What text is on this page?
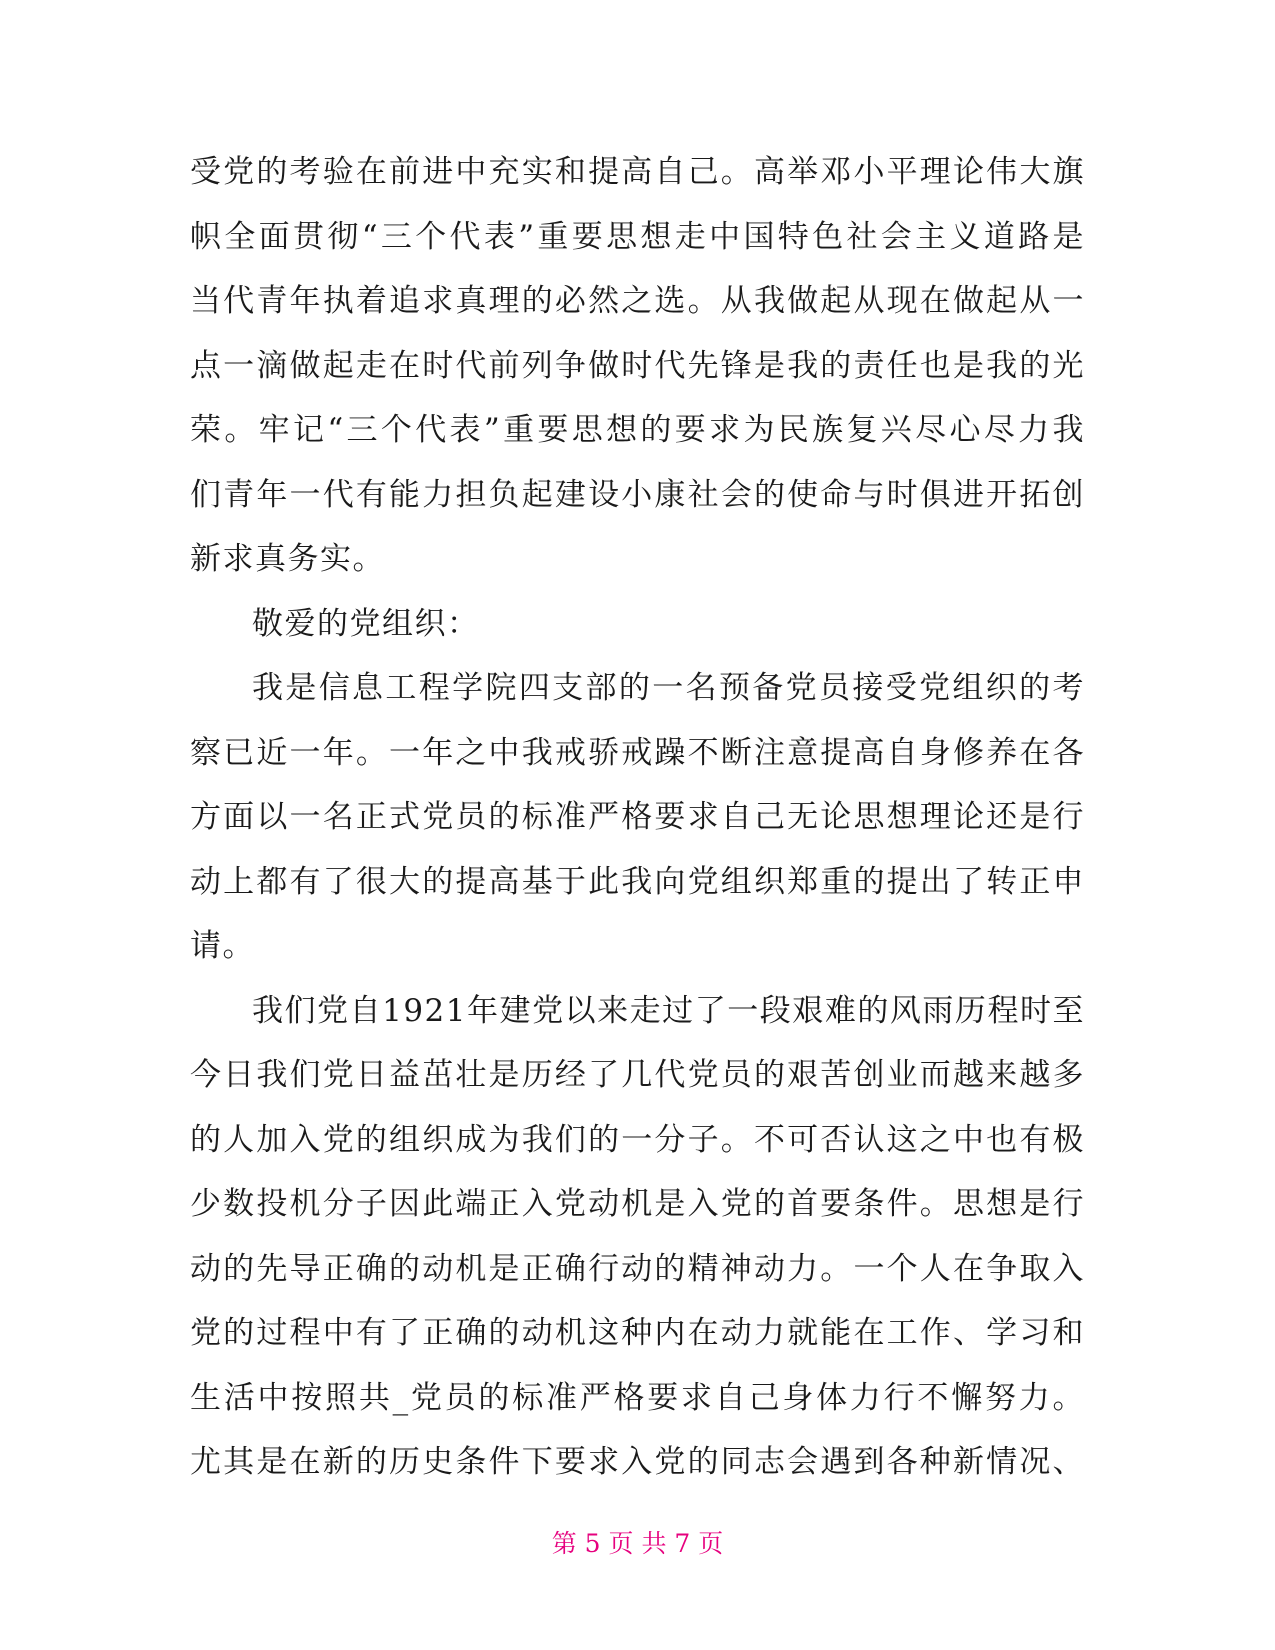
受党的考验在前进中充实和提高自己。高举邓小平理论伟大旗
帜全面贯彻“三个代表”重要思想走中国特色社会主义道路是
当代青年执着追求真理的必然之选。从我做起从现在做起从一
点一滴做起走在时代前列争做时代先锋是我的责任也是我的光
荣。牢记“三个代表”重要思想的要求为民族复兴尽心尽力我
们青年一代有能力担负起建设小康社会的使命与时俱进开拓创
新求真务实。
敬爱的党组织：
我是信息工程学院四支部的一名预备党员接受党组织的考
察已近一年。一年之中我戒骄戒躁不断注意提高自身修养在各
方面以一名正式党员的标准严格要求自己无论思想理论还是行
动上都有了很大的提高基于此我向党组织郑重的提出了转正申
请。
我们党自1921年建党以来走过了一段艰难的风雨历程时至
今日我们党日益茁壮是历经了几代党员的艰苦创业而越来越多
的人加入党的组织成为我们的一分子。不可否认这之中也有极
少数投机分子因此端正入党动机是入党的首要条件。思想是行
动的先导正确的动机是正确行动的精神动力。一个人在争取入
党的过程中有了正确的动机这种内在动力就能在工作、学习和
生活中按照共_党员的标准严格要求自己身体力行不懈努力。
尤其是在新的历史条件下要求入党的同志会遇到各种新情况、
第 5 页 共 7 页
